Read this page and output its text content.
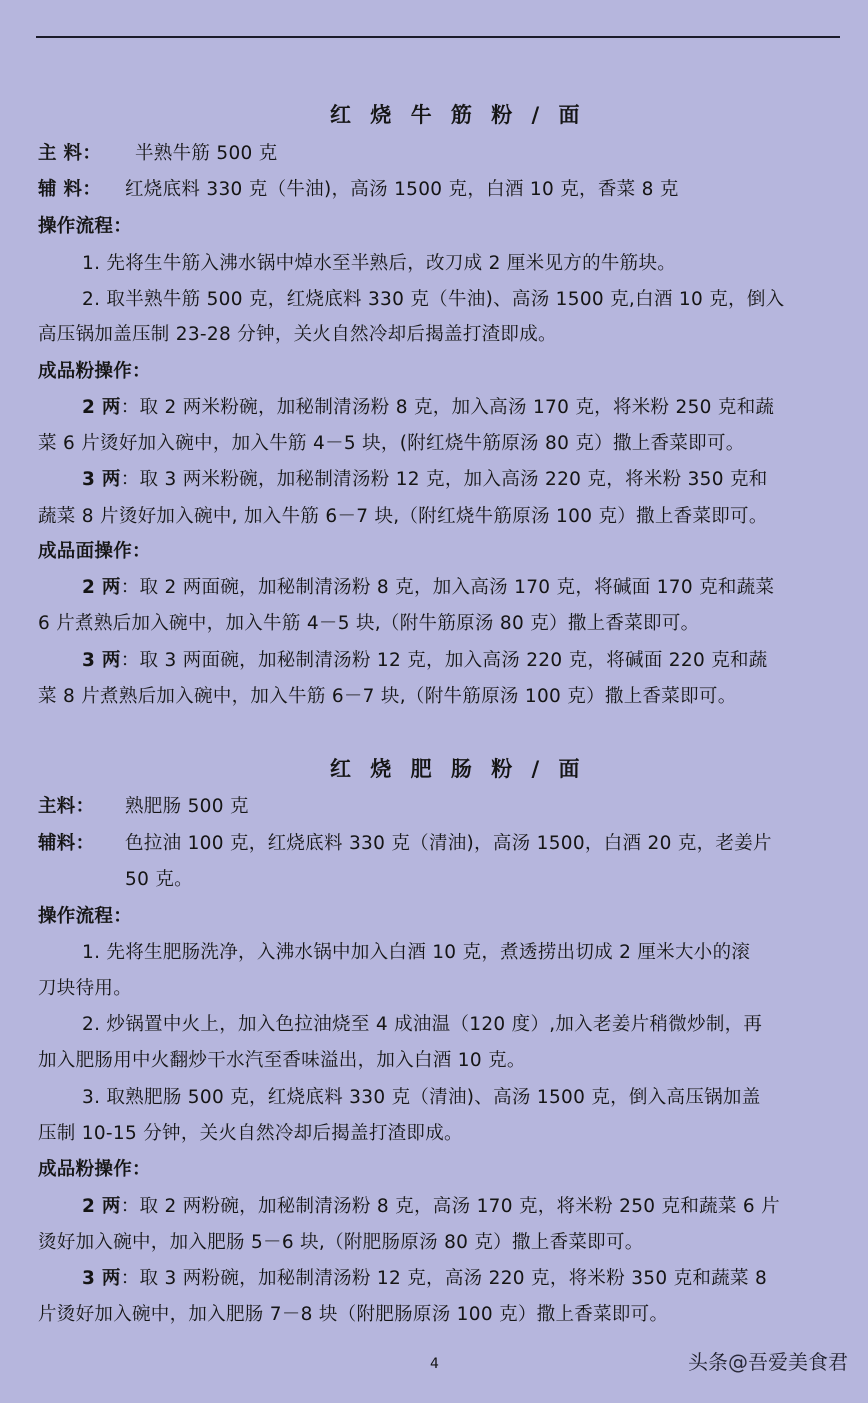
红 烧 牛 筋 粉 / 面
主 料： 半熟牛筋 500 克
辅 料： 红烧底料 330 克（牛油)，高汤 1500 克，白酒 10 克，香菜 8 克
操作流程：
1. 先将生牛筋入沸水锅中焯水至半熟后，改刀成 2 厘米见方的牛筋块。
2. 取半熟牛筋 500 克，红烧底料 330 克（牛油)、高汤 1500 克,白酒 10 克，倒入
高压锅加盖压制 23-28 分钟，关火自然冷却后揭盖打渣即成。
成品粉操作：
2 两：取 2 两米粉碗，加秘制清汤粉 8 克，加入高汤 170 克，将米粉 250 克和蔬
菜 6 片烫好加入碗中，加入牛筋 4－5 块，(附红烧牛筋原汤 80 克）撒上香菜即可。
3 两：取 3 两米粉碗，加秘制清汤粉 12 克，加入高汤 220 克，将米粉 350 克和
蔬菜 8 片烫好加入碗中, 加入牛筋 6－7 块,（附红烧牛筋原汤 100 克）撒上香菜即可。
成品面操作：
2 两：取 2 两面碗，加秘制清汤粉 8 克，加入高汤 170 克，将碱面 170 克和蔬菜
6 片煮熟后加入碗中，加入牛筋 4－5 块,（附牛筋原汤 80 克）撒上香菜即可。
3 两：取 3 两面碗，加秘制清汤粉 12 克，加入高汤 220 克，将碱面 220 克和蔬
菜 8 片煮熟后加入碗中，加入牛筋 6－7 块,（附牛筋原汤 100 克）撒上香菜即可。
红 烧 肥 肠 粉 / 面
主料： 熟肥肠 500 克
辅料： 色拉油 100 克，红烧底料 330 克（清油)，高汤 1500，白酒 20 克，老姜片
50 克。
操作流程：
1. 先将生肥肠洗净，入沸水锅中加入白酒 10 克，煮透捞出切成 2 厘米大小的滚
刀块待用。
2. 炒锅置中火上，加入色拉油烧至 4 成油温（120 度）,加入老姜片稍微炒制，再
加入肥肠用中火翻炒干水汽至香味溢出，加入白酒 10 克。
3. 取熟肥肠 500 克，红烧底料 330 克（清油)、高汤 1500 克，倒入高压锅加盖
压制 10-15 分钟，关火自然冷却后揭盖打渣即成。
成品粉操作：
2 两：取 2 两粉碗，加秘制清汤粉 8 克，高汤 170 克，将米粉 250 克和蔬菜 6 片
烫好加入碗中，加入肥肠 5－6 块,（附肥肠原汤 80 克）撒上香菜即可。
3 两：取 3 两粉碗，加秘制清汤粉 12 克，高汤 220 克，将米粉 350 克和蔬菜 8
片烫好加入碗中，加入肥肠 7－8 块（附肥肠原汤 100 克）撒上香菜即可。
4	头条@吾爱美食君
